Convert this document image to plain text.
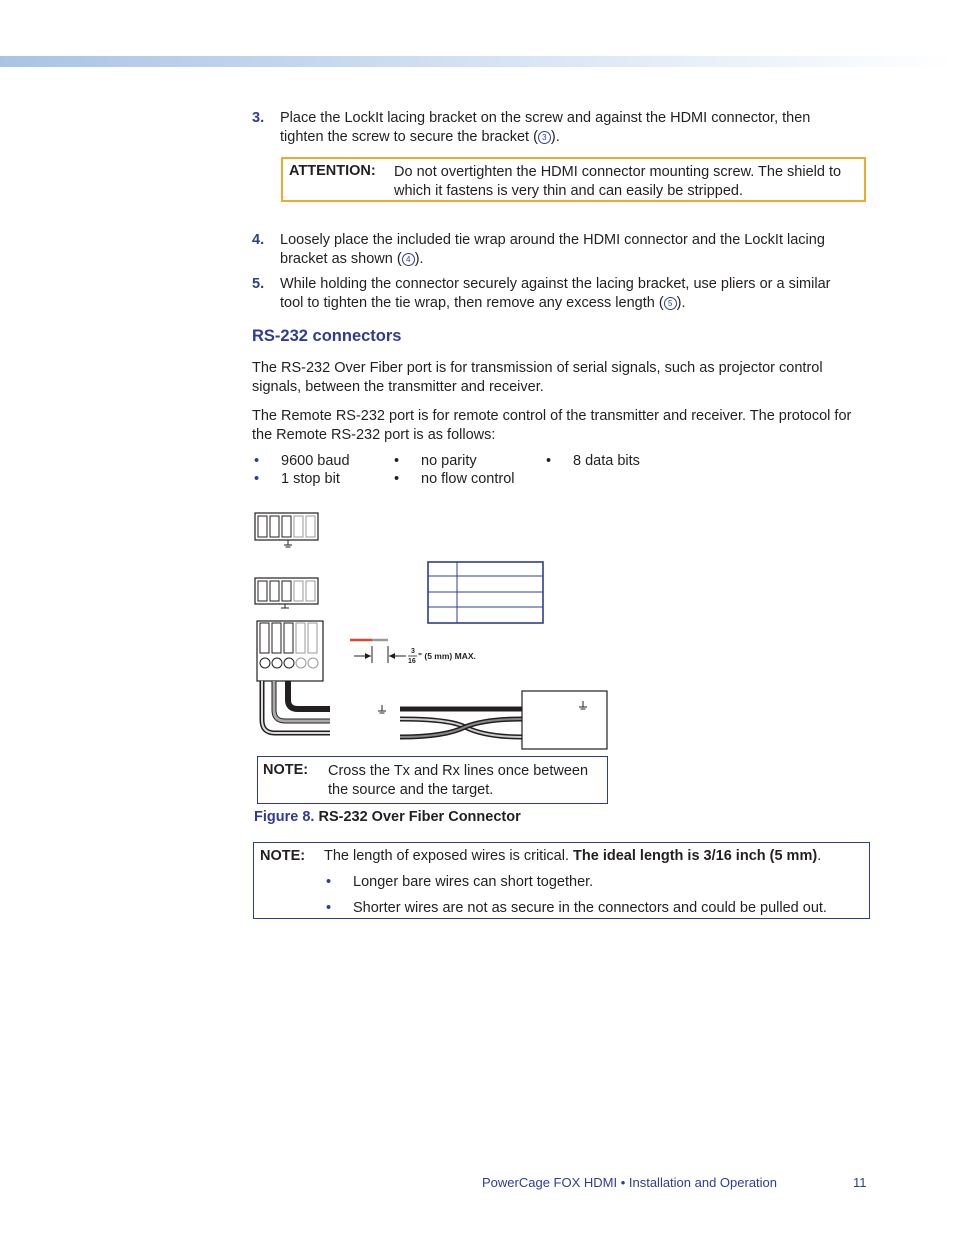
3. Place the LockIt lacing bracket on the screw and against the HDMI connector, then tighten the screw to secure the bracket ( 3 ).
ATTENTION: Do not overtighten the HDMI connector mounting screw. The shield to which it fastens is very thin and can easily be stripped.
4. Loosely place the included tie wrap around the HDMI connector and the LockIt lacing bracket as shown ( 4 ).
5. While holding the connector securely against the lacing bracket, use pliers or a similar tool to tighten the tie wrap, then remove any excess length ( 5 ).
RS-232 connectors
The RS-232 Over Fiber port is for transmission of serial signals, such as projector control signals, between the transmitter and receiver.
The Remote RS-232 port is for remote control of the transmitter and receiver. The protocol for the Remote RS-232 port is as follows:
• 9600 baud	• no parity	• 8 data bits
• 1 stop bit	• no flow control
3
16
" (5 mm) MAX.
NOTE: Cross the Tx and Rx lines once between the source and the target.
Figure 8. RS-232 Over Fiber Connector
NOTE: The length of exposed wires is critical. The ideal length is 3/16 inch (5 mm).
• Longer bare wires can short together.
• Shorter wires are not as secure in the connectors and could be pulled out.
PowerCage FOX HDMI • Installation and Operation	11
